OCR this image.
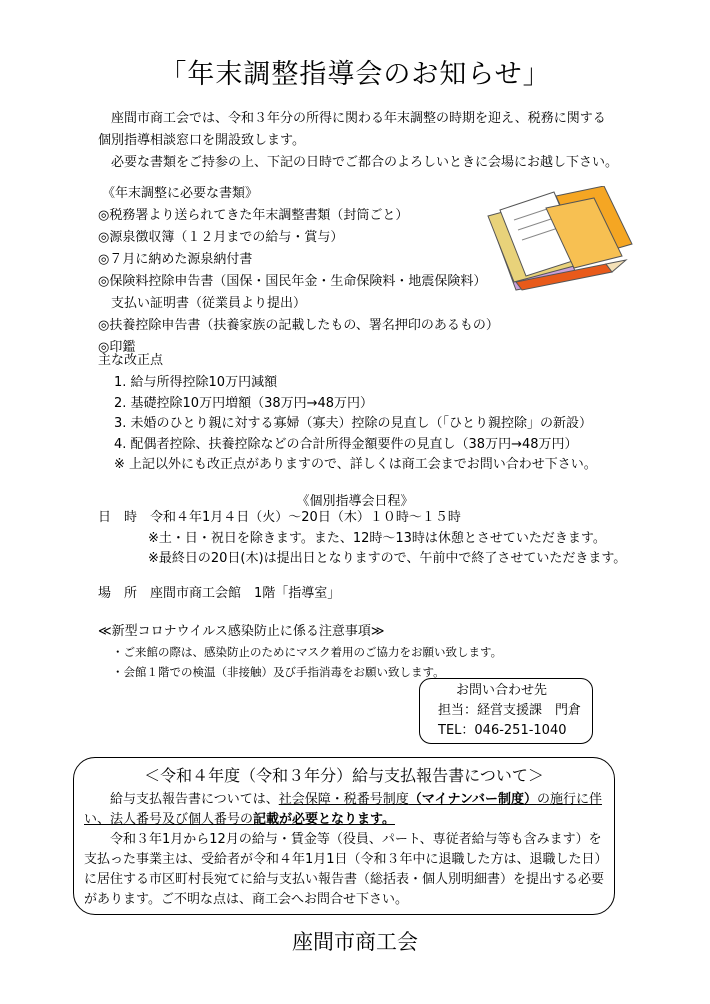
「年末調整指導会のお知らせ」

座間市商工会では、令和３年分の所得に関わる年末調整の時期を迎え、税務に関する

個別指導相談窓口を開設致します。

必要な書類をご持参の上、下記の日時でご都合のよろしいときに会場にお越し下さい。

《年末調整に必要な書類》
◎税務署より送られてきた年末調整書類（封筒ごと）
◎源泉徴収簿（１２月までの給与・賞与）
◎７月に納めた源泉納付書
◎保険料控除申告書（国保・国民年金・生命保険料・地震保険料）
　支払い証明書（従業員より提出）
◎扶養控除申告書（扶養家族の記載したもの、署名押印のあるもの）
◎印鑑
主な改正点
1. 給与所得控除10万円減額
2. 基礎控除10万円増額（38万円→48万円）
3. 未婚のひとり親に対する寡婦（寡夫）控除の見直し（「ひとり親控除」の新設）
4. 配偶者控除、扶養控除などの合計所得金額要件の見直し（38万円→48万円）
※ 上記以外にも改正点がありますので、詳しくは商工会までお問い合わせ下さい。
《個別指導会日程》
日　時　令和４年1月４日（火）～20日（木）１０時～１５時
※土・日・祝日を除きます。また、12時～13時は休憩とさせていただきます。
※最終日の20日(木)は提出日となりますので、午前中で終了させていただきます。
場　所　座間市商工会館　1階「指導室」
≪新型コロナウイルス感染防止に係る注意事項≫
・ご来館の際は、感染防止のためにマスク着用のご協力をお願い致します。
・会館１階での検温（非接触）及び手指消毒をお願い致します。
お問い合わせ先
担当：経営支援課　門倉
TEL：046-251-1040
＜令和４年度（令和３年分）給与支払報告書について＞

給与支払報告書については、社会保障・税番号制度（マイナンバー制度）の施行に伴い、法人番号及び個人番号の記載が必要となります。

令和３年1月から12月の給与・賃金等（役員、パート、専従者給与等も含みます）を支払った事業主は、受給者が令和４年1月1日（令和３年中に退職した方は、退職した日）に居住する市区町村長宛てに給与支払い報告書（総括表・個人別明細書）を提出する必要があります。ご不明な点は、商工会へお問合せ下さい。

座間市商工会
